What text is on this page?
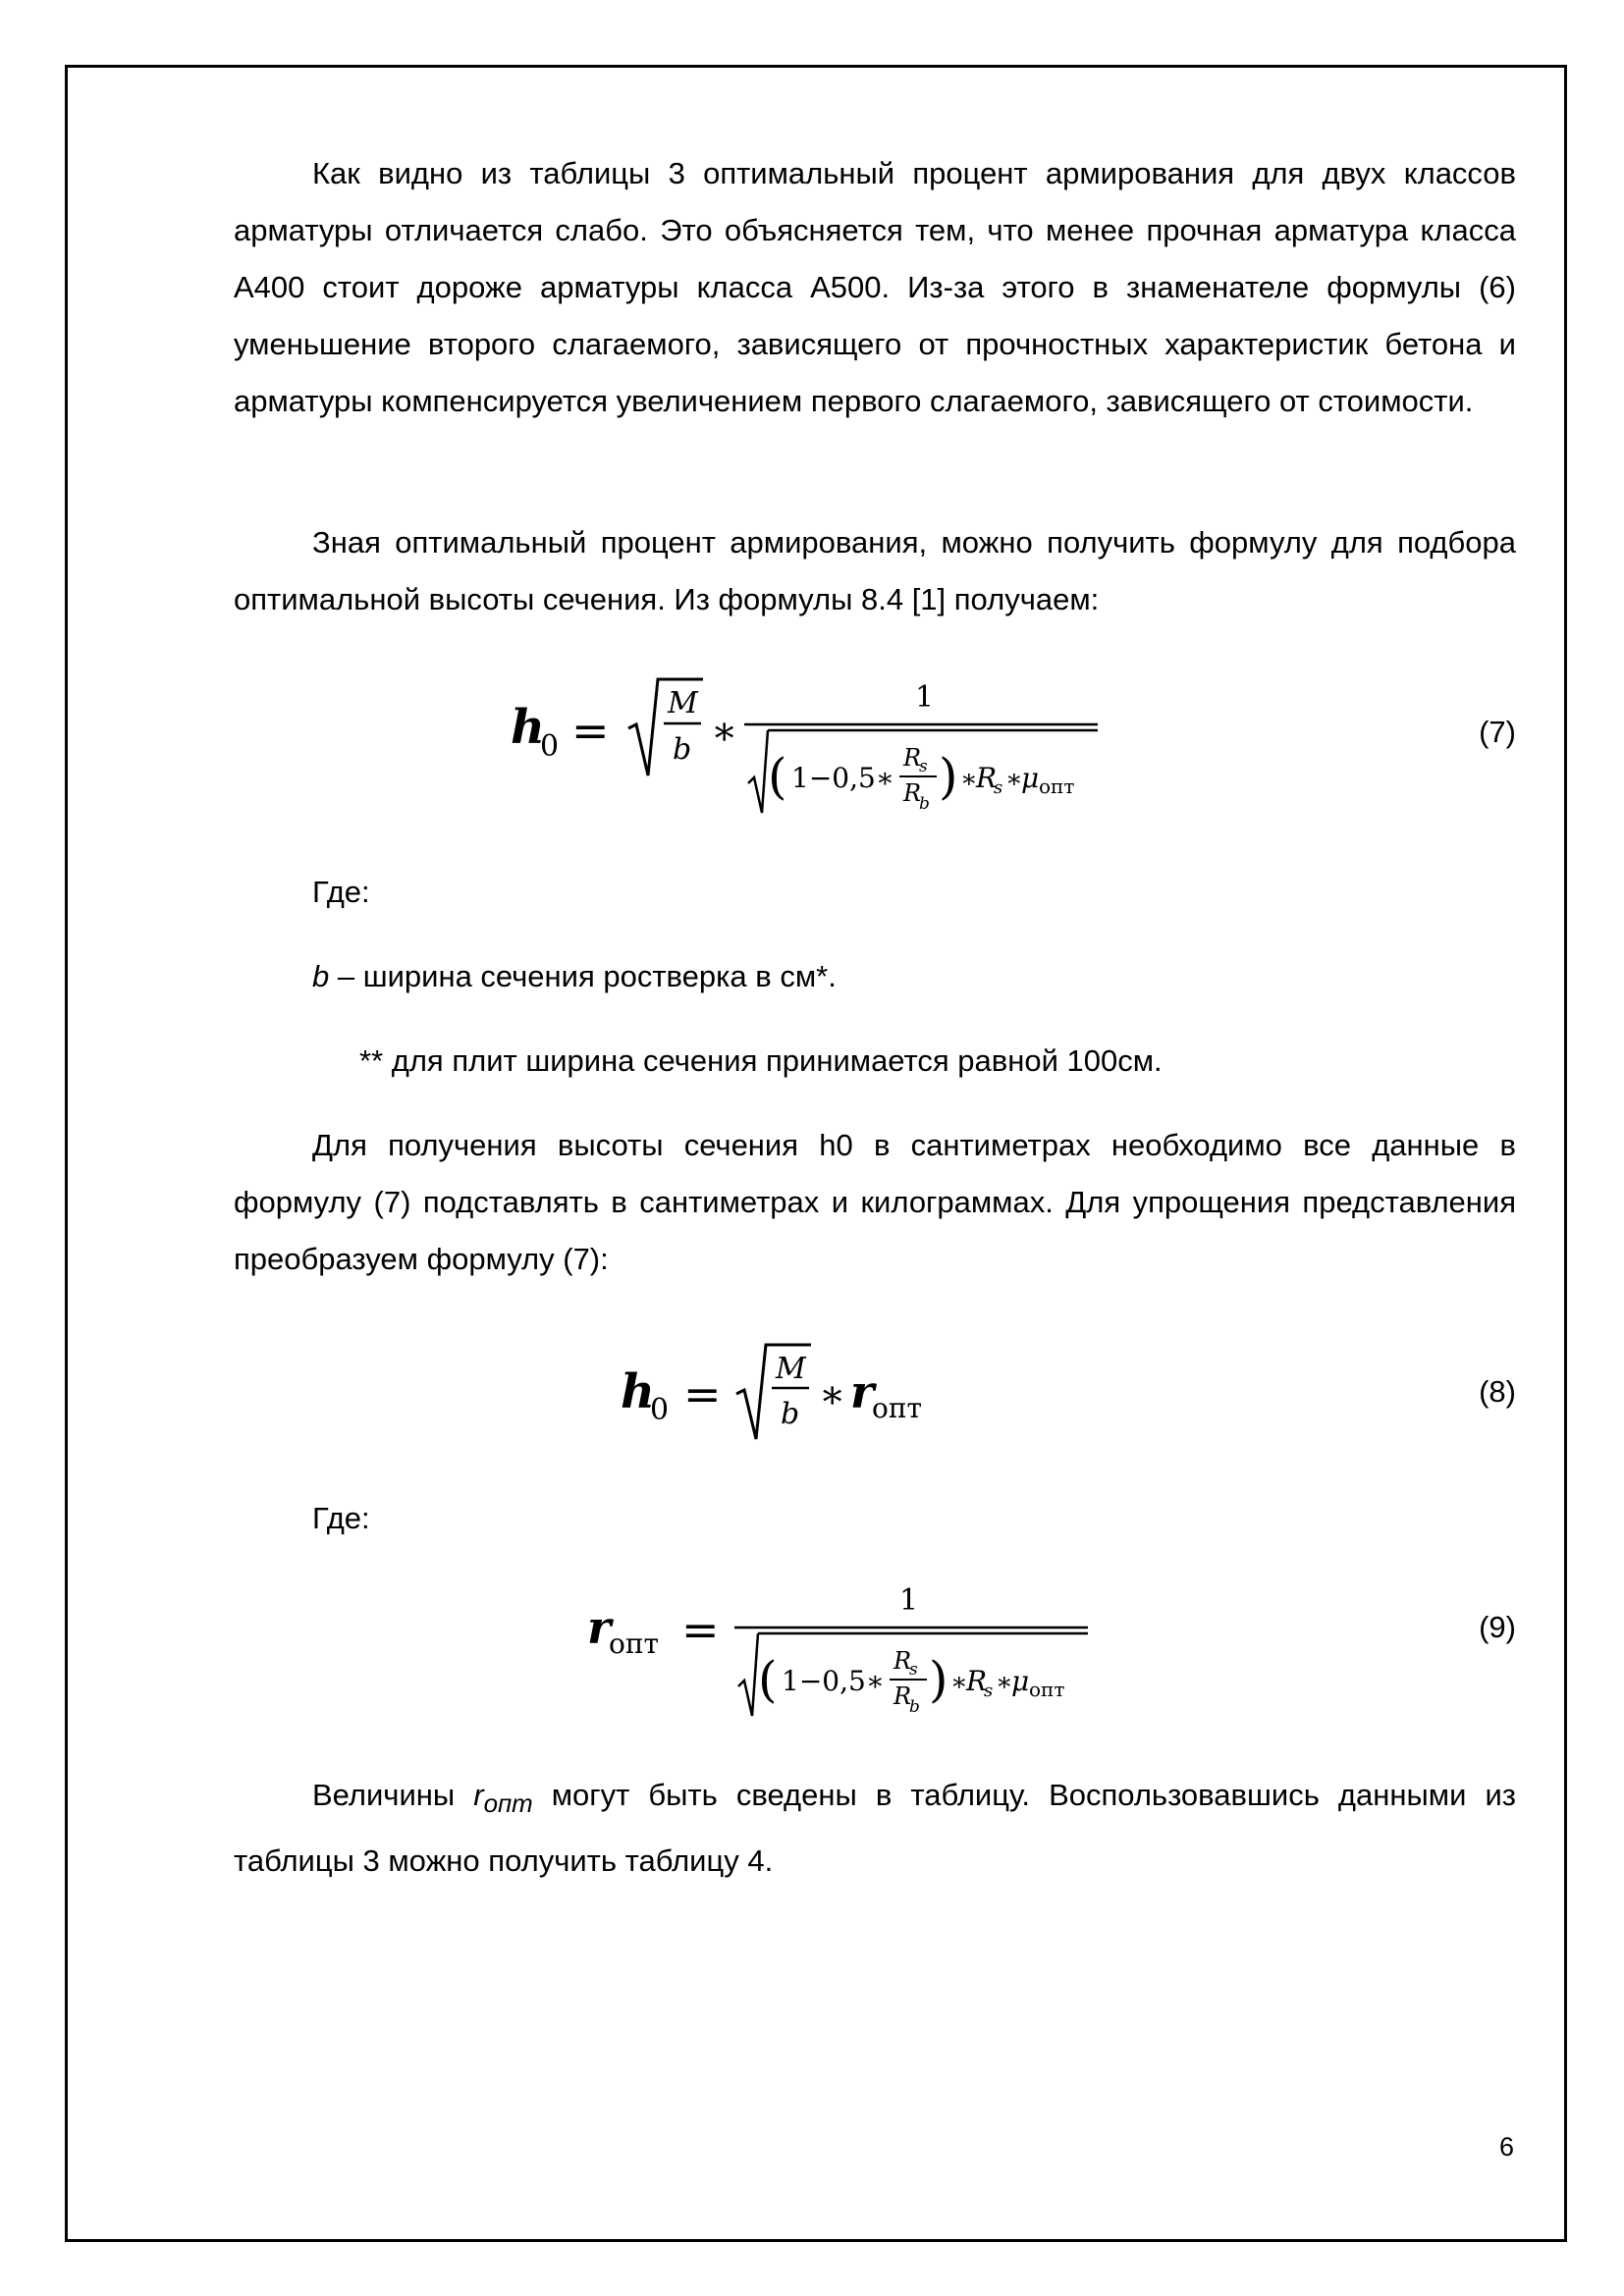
Как видно из таблицы 3 оптимальный процент армирования для двух классов арматуры отличается слабо. Это объясняется тем, что менее прочная арматура класса А400 стоит дороже арматуры класса А500. Из-за этого в знаменателе формулы (6) уменьшение второго слагаемого, зависящего от прочностных характеристик бетона и арматуры компенсируется увеличением первого слагаемого, зависящего от стоимости.

Зная оптимальный процент армирования, можно получить формулу для подбора оптимальной высоты сечения. Из формулы 8.4 [1] получаем:

h
0 =
M
b ∗
1
( 1−0,5∗
R
s
R
b ) ∗
R
s ∗
μ опт
(7)

Где:

b – ширина сечения ростверка в см*.

** для плит ширина сечения принимается равной 100см.

Для получения высоты сечения h0 в сантиметрах необходимо все данные в формулу (7) подставлять в сантиметрах и килограммах. Для упрощения представления преобразуем формулу (7):

h
0 = M
b ∗ r
опт	(8)

Где:

r
опт =
1
( 1−0,5∗
R
s
R
b ) ∗
R
s ∗
μ опт
(9)

Величины $r_{опт}$ могут быть сведены в таблицу. Воспользовавшись данными из таблицы 3 можно получить таблицу 4.

6
